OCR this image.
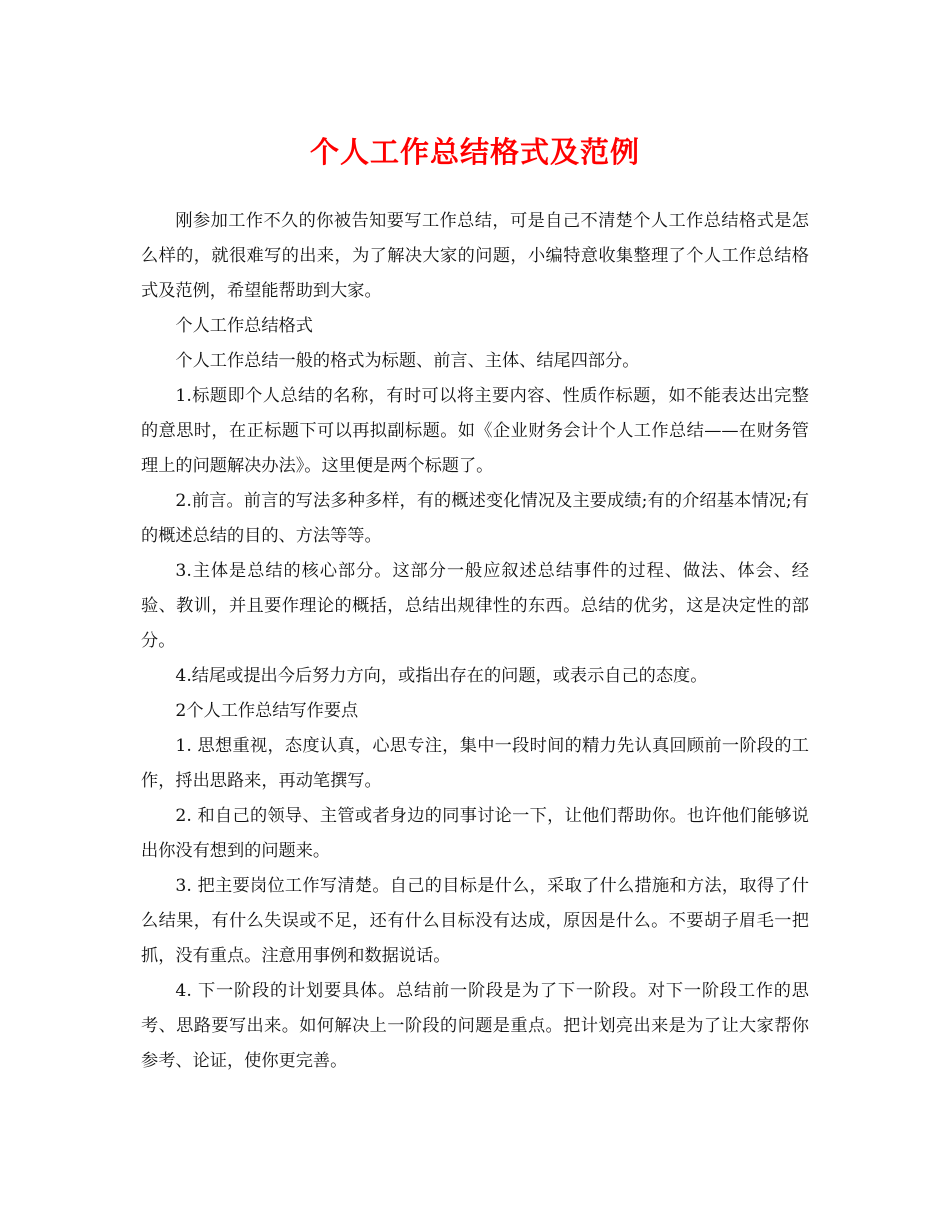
个人工作总结格式及范例

刚参加工作不久的你被告知要写工作总结，可是自己不清楚个人工作总结格式是怎么样的，就很难写的出来，为了解决大家的问题，小编特意收集整理了个人工作总结格式及范例，希望能帮助到大家。

个人工作总结格式

个人工作总结一般的格式为标题、前言、主体、结尾四部分。

1.标题即个人总结的名称，有时可以将主要内容、性质作标题，如不能表达出完整的意思时，在正标题下可以再拟副标题。如《企业财务会计个人工作总结——在财务管理上的问题解决办法》。这里便是两个标题了。

2.前言。前言的写法多种多样，有的概述变化情况及主要成绩;有的介绍基本情况;有的概述总结的目的、方法等等。

3.主体是总结的核心部分。这部分一般应叙述总结事件的过程、做法、体会、经验、教训，并且要作理论的概括，总结出规律性的东西。总结的优劣，这是决定性的部分。

4.结尾或提出今后努力方向，或指出存在的问题，或表示自己的态度。

2个人工作总结写作要点

1. 思想重视，态度认真，心思专注，集中一段时间的精力先认真回顾前一阶段的工作，捋出思路来，再动笔撰写。

2. 和自己的领导、主管或者身边的同事讨论一下，让他们帮助你。也许他们能够说出你没有想到的问题来。

3. 把主要岗位工作写清楚。自己的目标是什么，采取了什么措施和方法，取得了什么结果，有什么失误或不足，还有什么目标没有达成，原因是什么。不要胡子眉毛一把抓，没有重点。注意用事例和数据说话。

4. 下一阶段的计划要具体。总结前一阶段是为了下一阶段。对下一阶段工作的思考、思路要写出来。如何解决上一阶段的问题是重点。把计划亮出来是为了让大家帮你参考、论证，使你更完善。
